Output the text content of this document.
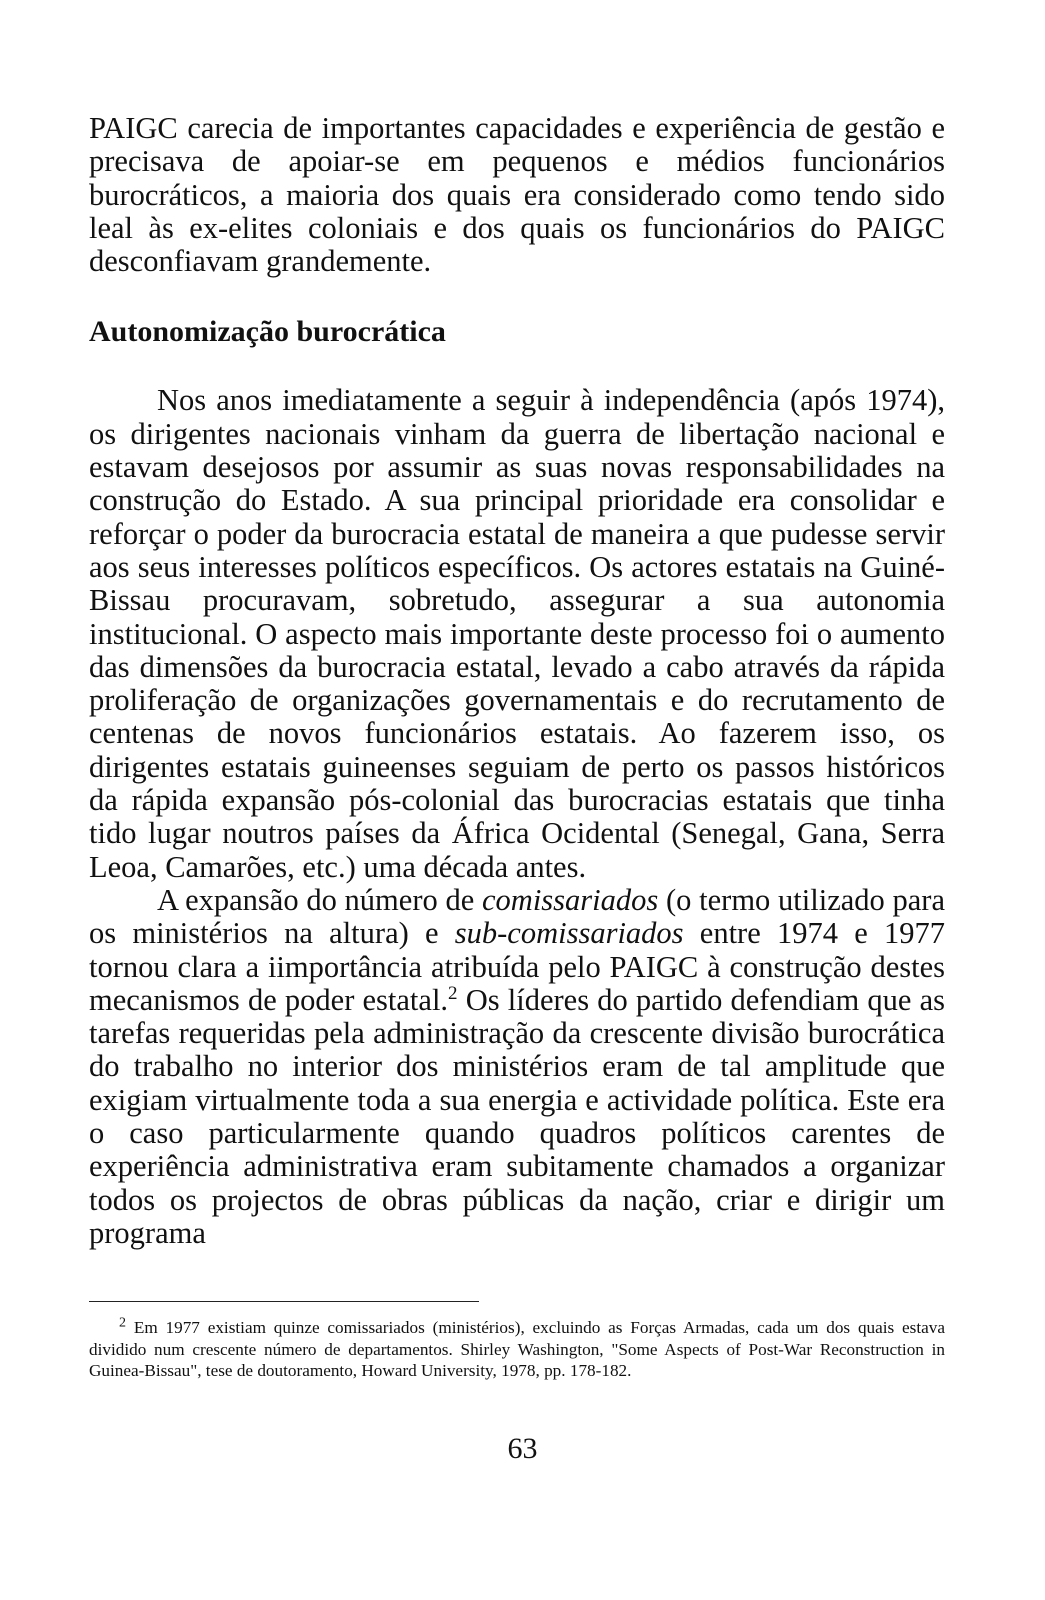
PAIGC carecia de importantes capacidades e experiência de gestão e precisava de apoiar-se em pequenos e médios funcionários burocráticos, a maioria dos quais era considerado como tendo sido leal às ex-elites coloniais e dos quais os funcionários do PAIGC desconfiavam grandemente.

Autonomização burocrática

Nos anos imediatamente a seguir à independência (após 1974), os dirigentes nacionais vinham da guerra de libertação nacional e estavam desejosos por assumir as suas novas responsabilidades na construção do Estado. A sua principal prioridade era consolidar e reforçar o poder da burocracia estatal de maneira a que pudesse servir aos seus interesses políticos específicos. Os actores estatais na Guiné-Bissau procuravam, sobretudo, assegurar a sua autonomia institucional. O aspecto mais importante deste processo foi o aumento das dimensões da burocracia estatal, levado a cabo através da rápida proliferação de organizações governamentais e do recrutamento de centenas de novos funcionários estatais. Ao fazerem isso, os dirigentes estatais guineenses seguiam de perto os passos históricos da rápida expansão pós-colonial das burocracias estatais que tinha tido lugar noutros países da África Ocidental (Senegal, Gana, Serra Leoa, Camarões, etc.) uma década antes.

A expansão do número de comissariados (o termo utilizado para os ministérios na altura) e sub-comissariados entre 1974 e 1977 tornou clara a iimportância atribuída pelo PAIGC à construção destes mecanismos de poder estatal.$^2$ Os líderes do partido defendiam que as tarefas requeridas pela administração da crescente divisão burocrática do trabalho no interior dos ministérios eram de tal amplitude que exigiam virtualmente toda a sua energia e actividade política. Este era o caso particularmente quando quadros políticos carentes de experiência administrativa eram subitamente chamados a organizar todos os projectos de obras públicas da nação, criar e dirigir um programa

$^2$ Em 1977 existiam quinze comissariados (ministérios), excluindo as Forças Armadas, cada um dos quais estava dividido num crescente número de departamentos. Shirley Washington, "Some Aspects of Post-War Reconstruction in Guinea-Bissau", tese de doutoramento, Howard University, 1978, pp. 178-182.

63
